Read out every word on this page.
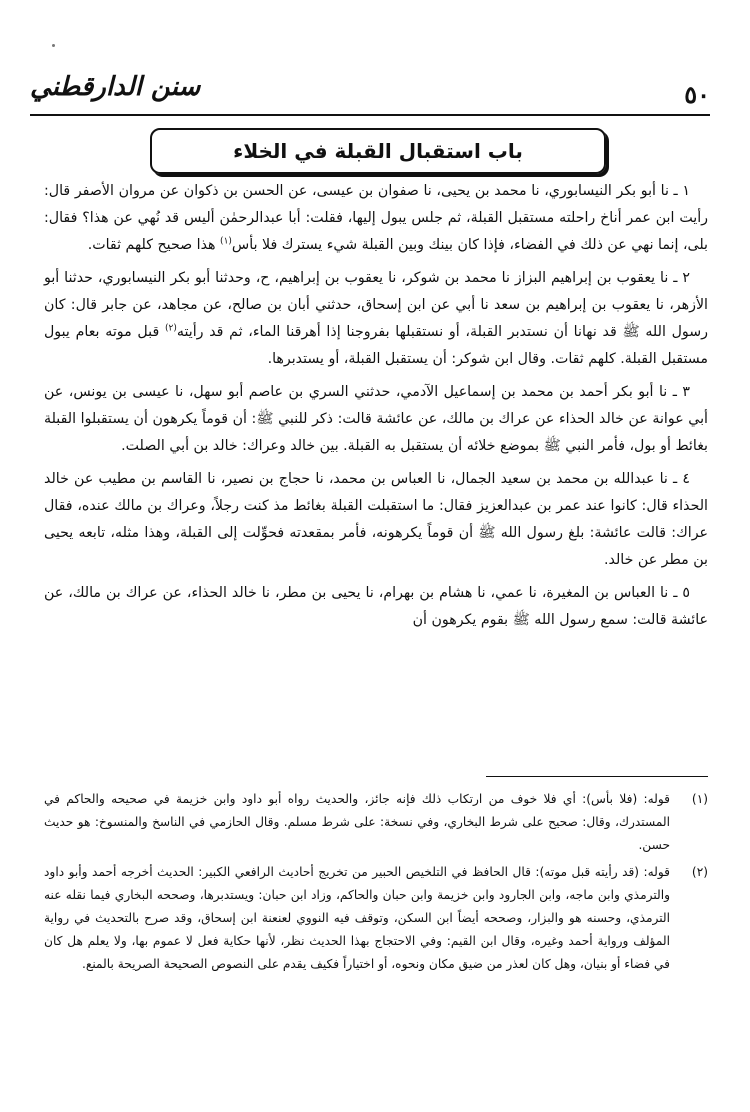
٥٠
سنن الدارقطني
باب استقبال القبلة في الخلاء

١ ـ نا أبو بكر النيسابوري، نا محمد بن يحيى، نا صفوان بن عيسى، عن الحسن بن ذكوان عن مروان الأصفر قال: رأيت ابن عمر أناخ راحلته مستقبل القبلة، ثم جلس يبول إليها، فقلت: أبا عبدالرحمٰن أليس قد نُهي عن هذا؟ فقال: بلى، إنما نهي عن ذلك في الفضاء، فإذا كان بينك وبين القبلة شيء يسترك فلا بأس$^{(١)}$ هذا صحيح كلهم ثقات.

٢ ـ نا يعقوب بن إبراهيم البزاز نا محمد بن شوكر، نا يعقوب بن إبراهيم، ح، وحدثنا أبو بكر النيسابوري، حدثنا أبو الأزهر، نا يعقوب بن إبراهيم بن سعد نا أبي عن ابن إسحاق، حدثني أبان بن صالح، عن مجاهد، عن جابر قال: كان رسول الله ﷺ قد نهانا أن نستدبر القبلة، أو نستقبلها بفروجنا إذا أهرقنا الماء، ثم قد رأيته$^{(٢)}$ قبل موته بعام يبول مستقبل القبلة. كلهم ثقات. وقال ابن شوكر: أن يستقبل القبلة، أو يستدبرها.

٣ ـ نا أبو بكر أحمد بن محمد بن إسماعيل الآدمي، حدثني السري بن عاصم أبو سهل، نا عيسى بن يونس، عن أبي عوانة عن خالد الحذاء عن عراك بن مالك، عن عائشة قالت: ذكر للنبي ﷺ: أن قوماً يكرهون أن يستقبلوا القبلة بغائط أو بول، فأمر النبي ﷺ بموضع خلائه أن يستقبل به القبلة. بين خالد وعراك: خالد بن أبي الصلت.

٤ ـ نا عبدالله بن محمد بن سعيد الجمال، نا العباس بن محمد، نا حجاج بن نصير، نا القاسم بن مطيب عن خالد الحذاء قال: كانوا عند عمر بن عبدالعزيز فقال: ما استقبلت القبلة بغائط مذ كنت رجلاً، وعراك بن مالك عنده، فقال عراك: قالت عائشة: بلغ رسول الله ﷺ أن قوماً يكرهونه، فأمر بمقعدته فحوِّلت إلى القبلة، وهذا مثله، تابعه يحيى بن مطر عن خالد.

٥ ـ نا العباس بن المغيرة، نا عمي، نا هشام بن بهرام، نا يحيى بن مطر، نا خالد الحذاء، عن عراك بن مالك، عن عائشة قالت: سمع رسول الله ﷺ بقوم يكرهون أن

(١)
قوله: (فلا بأس): أي فلا خوف من ارتكاب ذلك فإنه جائز، والحديث رواه أبو داود وابن خزيمة في صحيحه والحاكم في المستدرك، وقال: صحيح على شرط البخاري، وفي نسخة: على شرط مسلم. وقال الحازمي في الناسخ والمنسوخ: هو حديث حسن.
(٢)
قوله: (قد رأيته قبل موته): قال الحافظ في التلخيص الحبير من تخريج أحاديث الرافعي الكبير: الحديث أخرجه أحمد وأبو داود والترمذي وابن ماجه، وابن الجارود وابن خزيمة وابن حبان والحاكم، وزاد ابن حبان: ويستدبرها، وصححه البخاري فيما نقله عنه الترمذي، وحسنه هو والبزار، وصححه أيضاً ابن السكن، وتوقف فيه النووي لعنعنة ابن إسحاق، وقد صرح بالتحديث في رواية المؤلف ورواية أحمد وغيره، وقال ابن القيم: وفي الاحتجاج بهذا الحديث نظر، لأنها حكاية فعل لا عموم بها، ولا يعلم هل كان في فضاء أو بنيان، وهل كان لعذر من ضيق مكان ونحوه، أو اختياراً فكيف يقدم على النصوص الصحيحة الصريحة بالمنع.
